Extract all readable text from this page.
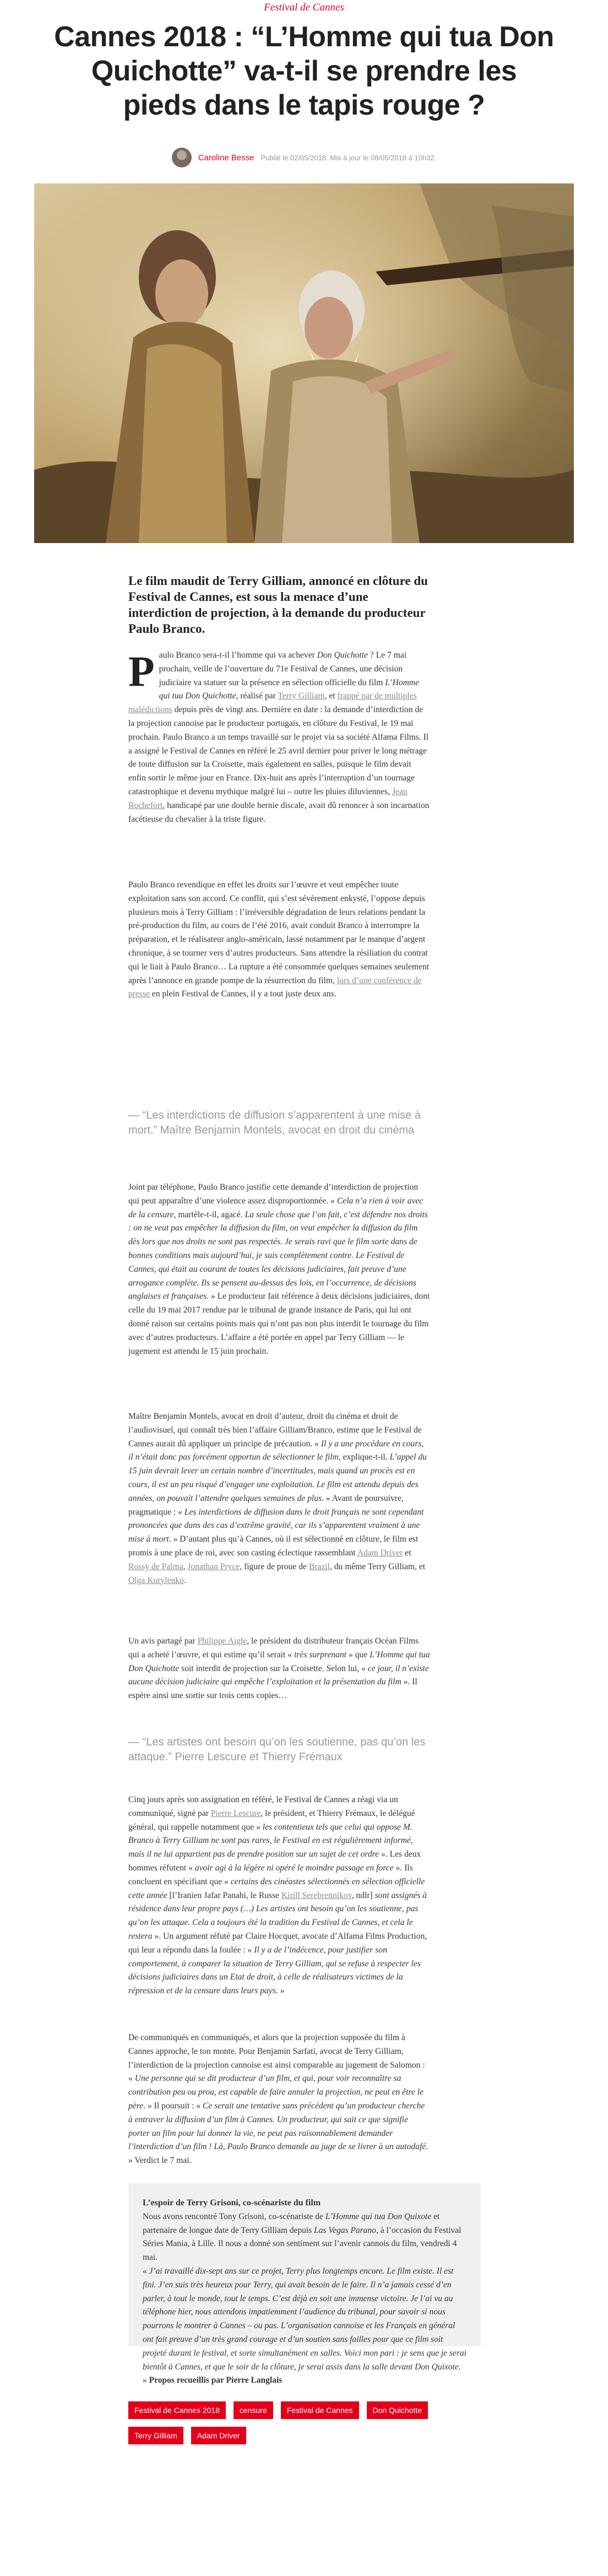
Festival de Cannes
Cannes 2018 : “L’Homme qui tua Don Quichotte” va-t-il se prendre les pieds dans le tapis rouge ?
Caroline Besse Publié le 02/05/2018. Mis à jour le 08/05/2018 à 10h32.

Le film maudit de Terry Gilliam, annoncé en clôture du Festival de Cannes, est sous la menace d’une interdiction de projection, à la demande du producteur Paulo Branco.

Paulo Branco sera-t-il l’homme qui va achever Don Quichotte ? Le 7 mai prochain, veille de l’ouverture du 71e Festival de Cannes, une décision judiciaire va statuer sur la présence en sélection officielle du film L’Homme qui tua Don Quichotte, réalisé par Terry Gilliam, et frappé par de multiples malédictions depuis près de vingt ans. Dernière en date : la demande d’interdiction de la projection cannoise par le producteur portugais, en clôture du Festival, le 19 mai prochain. Paulo Branco a un temps travaillé sur le projet via sa société Alfama Films. Il a assigné le Festival de Cannes en référé le 25 avril dernier pour priver le long métrage de toute diffusion sur la Croisette, mais également en salles, puisque le film devait enfin sortir le même jour en France. Dix-huit ans après l’interruption d’un tournage catastrophique et devenu mythique malgré lui – outre les pluies diluviennes, Jean Rochefort, handicapé par une double hernie discale, avait dû renoncer à son incarnation facétieuse du chevalier à la triste figure.

Paulo Branco revendique en effet les droits sur l’œuvre et veut empêcher toute exploitation sans son accord. Ce conflit, qui s’est sévèrement enkysté, l’oppose depuis plusieurs mois à Terry Gilliam : l’irréversible dégradation de leurs relations pendant la pré-production du film, au cours de l’été 2016, avait conduit Branco à interrompre la préparation, et le réalisateur anglo-américain, lassé notamment par le manque d’argent chronique, à se tourner vers d’autres producteurs. Sans attendre la résiliation du contrat qui le liait à Paulo Branco… La rupture a été consommée quelques semaines seulement après l’annonce en grande pompe de la résurrection du film, lors d’une conférence de presse en plein Festival de Cannes, il y a tout juste deux ans.

— “Les interdictions de diffusion s’apparentent à une mise à mort.” Maître Benjamin Montels, avocat en droit du cinéma

Joint par téléphone, Paulo Branco justifie cette demande d’interdiction de projection qui peut apparaître d’une violence assez disproportionnée. « Cela n’a rien à voir avec de la censure, martèle-t-il, agacé. La seule chose que l’on fait, c’est défendre nos droits : on ne veut pas empêcher la diffusion du film, on veut empêcher la diffusion du film dès lors que nos droits ne sont pas respectés. Je serais ravi que le film sorte dans de bonnes conditions mais aujourd’hui, je suis complètement contre. Le Festival de Cannes, qui était au courant de toutes les décisions judiciaires, fait preuve d’une arrogance complète. Ils se pensent au-dessus des lois, en l’occurrence, de décisions anglaises et françaises. » Le producteur fait référence à deux décisions judiciaires, dont celle du 19 mai 2017 rendue par le tribunal de grande instance de Paris, qui lui ont donné raison sur certains points mais qui n’ont pas non plus interdit le tournage du film avec d’autres producteurs. L’affaire a été portée en appel par Terry Gilliam — le jugement est attendu le 15 juin prochain.

Maître Benjamin Montels, avocat en droit d’auteur, droit du cinéma et droit de l’audiovisuel, qui connaît très bien l’affaire Gilliam/Branco, estime que le Festival de Cannes aurait dû appliquer un principe de précaution. « Il y a une procédure en cours, il n’était donc pas forcément opportun de sélectionner le film, explique-t-il. L’appel du 15 juin devrait lever un certain nombre d’incertitudes, mais quand un procès est en cours, il est un peu risqué d’engager une exploitation. Le film est attendu depuis des années, on pouvait l’attendre quelques semaines de plus. » Avant de poursuivre, pragmatique : « Les interdictions de diffusion dans le droit français ne sont cependant prononcées que dans des cas d’extrême gravité, car ils s’apparentent vraiment à une mise à mort. » D’autant plus qu’à Cannes, où il est sélectionné en clôture, le film est promis à une place de roi, avec son casting éclectique rassemblant Adam Driver et Rossy de Palma, Jonathan Pryce, figure de proue de Brazil, du même Terry Gilliam, et Olga Kurylenko.

Un avis partagé par Philippe Aigle, le président du distributeur français Océan Films qui a acheté l’œuvre, et qui estime qu’il serait « très surprenant » que L’Homme qui tua Don Quichotte soit interdit de projection sur la Croisette. Selon lui, « ce jour, il n’existe aucune décision judiciaire qui empêche l’exploitation et la présentation du film ». Il espère ainsi une sortie sur trois cents copies…

— “Les artistes ont besoin qu’on les soutienne, pas qu’on les attaque.” Pierre Lescure et Thierry Frémaux

Cinq jours après son assignation en référé, le Festival de Cannes a réagi via un communiqué, signé par Pierre Lescure, le président, et Thierry Frémaux, le délégué général, qui rappelle notamment que « les contentieux tels que celui qui oppose M. Branco à Terry Gilliam ne sont pas rares, le Festival en est régulièrement informé, mais il ne lui appartient pas de prendre position sur un sujet de cet ordre ». Les deux hommes réfutent « avoir agi à la légère ni opéré le moindre passage en force ». Ils concluent en spécifiant que « certains des cinéastes sélectionnés en sélection officielle cette année [l’Iranien Jafar Panahi, le Russe Kirill Serebrennikov, ndlr] sont assignés à résidence dans leur propre pays (…) Les artistes ont besoin qu’on les soutienne, pas qu’on les attaque. Cela a toujours été la tradition du Festival de Cannes, et cela le restera ». Un argument réfuté par Claire Hocquet, avocate d’Alfama Films Production, qui leur a répondu dans la foulée : « Il y a de l’indécence, pour justifier son comportement, à comparer la situation de Terry Gilliam, qui se refuse à respecter les décisions judiciaires dans un Etat de droit, à celle de réalisateurs victimes de la répression et de la censure dans leurs pays. »

De communiqués en communiqués, et alors que la projection supposée du film à Cannes approche, le ton monte. Pour Benjamin Sarfati, avocat de Terry Gilliam, l’interdiction de la projection cannoise est ainsi comparable au jugement de Salomon : « Une personne qui se dit producteur d’un film, et qui, pour voir reconnaître sa contribution peu ou prou, est capable de faire annuler la projection, ne peut en être le père. » Il poursuit : « Ce serait une tentative sans précédent qu’un producteur cherche à entraver la diffusion d’un film à Cannes. Un producteur, qui sait ce que signifie porter un film pour lui donner la vie, ne peut pas raisonnablement demander l’interdiction d’un film ! Là, Paulo Branco demande au juge de se livrer à un autodafé. » Verdict le 7 mai.

L’espoir de Terry Grisoni, co-scénariste du film

Nous avons rencontré Tony Grisoni, co-scénariste de L’Homme qui tua Don Quixote et partenaire de longue date de Terry Gilliam depuis Las Vegas Parano, à l’occasion du Festival Séries Mania, à Lille. Il nous a donné son sentiment sur l’avenir cannois du film, vendredi 4 mai.

« J’ai travaillé dix-sept ans sur ce projet, Terry plus longtemps encore. Le film existe. Il est fini. J’en suis très heureux pour Terry, qui avait besoin de le faire. Il n’a jamais cessé d’en parler, à tout le monde, tout le temps. C’est déjà en soit une immense victoire. Je l’ai vu au téléphone hier, nous attendons impatiemment l’audience du tribunal, pour savoir si nous pourrons le montrer à Cannes – ou pas. L’organisation cannoise et les Français en général ont fait preuve d’un très grand courage et d’un soutien sans failles pour que ce film soit projeté durant le festival, et sorte simultanément en salles. Voici mon pari : je sens que je serai bientôt à Cannes, et que le soir de la clôture, je serai assis dans la salle devant Don Quixote. » Propos recueillis par Pierre Langlais

Festival de Cannes 2018	censure	Festival de Cannes	Don QuichotteTerry Gilliam	Adam Driver
